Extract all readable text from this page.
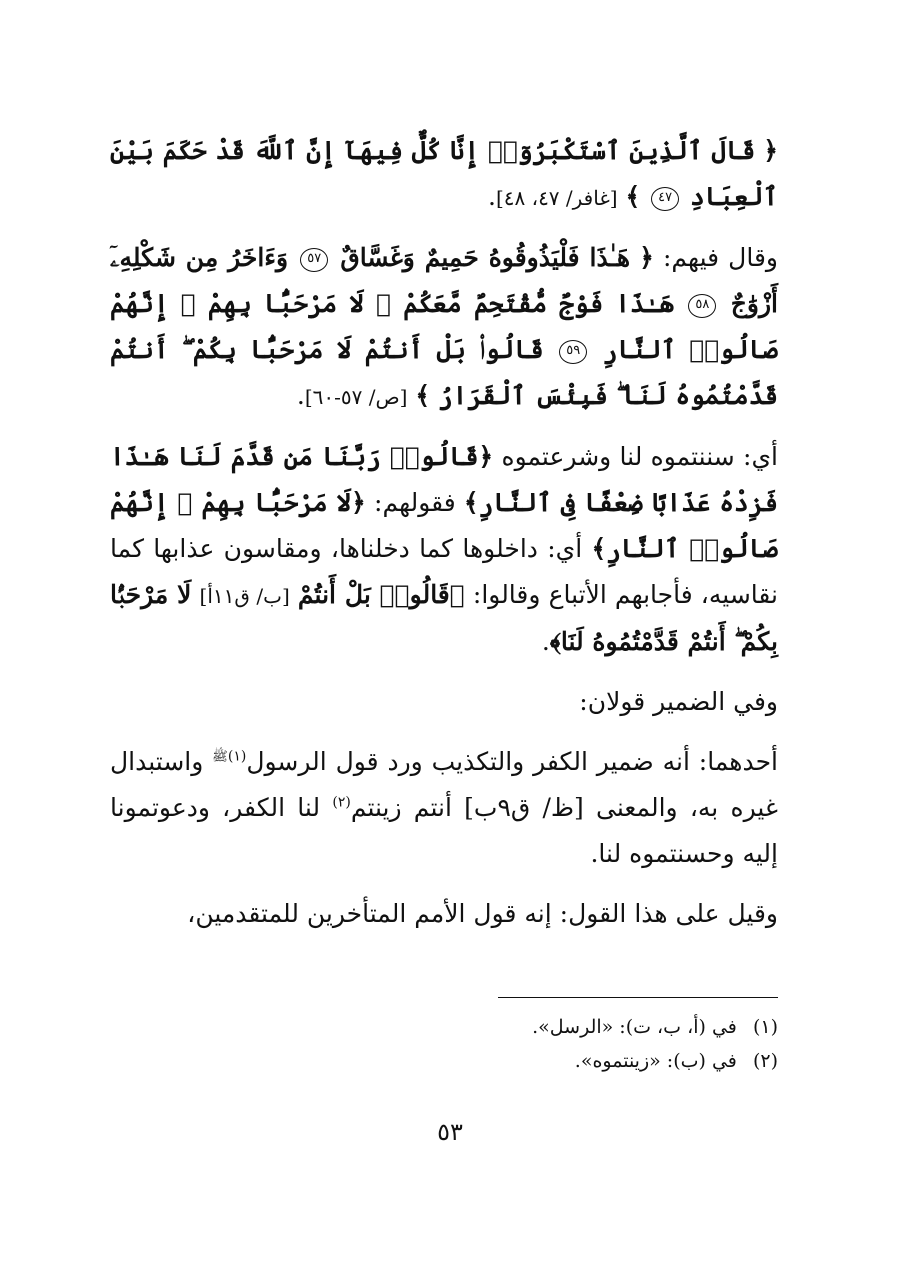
﴿ قَالَ ٱلَّذِينَ ٱسْتَكْبَرُوٓا۟ إِنَّا كُلٌّ فِيهَآ إِنَّ ٱللَّهَ قَدْ حَكَمَ بَيْنَ ٱلْعِبَادِ ٤٧ ﴾ [غافر/ ٤٧، ٤٨].

وقال فيهم: ﴿ هَـٰذَا فَلْيَذُوقُوهُ حَمِيمٌ وَغَسَّاقٌ ٥٧ وَءَاخَرُ مِن شَكْلِهِۦٓ أَزْوَٰجٌ ٥٨ هَـٰذَا فَوْجٌ مُّقْتَحِمٌ مَّعَكُمْ ۖ لَا مَرْحَبًۢا بِهِمْ ۚ إِنَّهُمْ صَالُوا۟ ٱلنَّارِ ٥٩ قَالُوا۟ بَلْ أَنتُمْ لَا مَرْحَبًۢا بِكُمْ ۖ أَنتُمْ قَدَّمْتُمُوهُ لَنَا ۖ فَبِئْسَ ٱلْقَرَارُ ﴾ [ص/ ٥٧-٦٠].

أي: سننتموه لنا وشرعتموه ﴿قَالُوا۟ رَبَّنَا مَن قَدَّمَ لَنَا هَـٰذَا فَزِدْهُ عَذَابًا ضِعْفًا فِى ٱلنَّارِ﴾ فقولهم: ﴿لَا مَرْحَبًۢا بِهِمْ ۚ إِنَّهُمْ صَالُوا۟ ٱلنَّارِ﴾ أي: داخلوها كما دخلناها، ومقاسون عذابها كما نقاسيه، فأجابهم الأتباع وقالوا: ﴿قَالُوا۟ بَلْ أَنتُمْ [ب/ ق١١أ] لَا مَرْحَبًۢا بِكُمْ ۖ أَنتُمْ قَدَّمْتُمُوهُ لَنَا﴾.

وفي الضمير قولان:

أحدهما: أنه ضمير الكفر والتكذيب ورد قول الرسول$^{(١)ﷺ}$ واستبدال غيره به، والمعنى [ظ/ ق٩ب] أنتم زينتم$^{(٢)}$ لنا الكفر، ودعوتمونا إليه وحسنتموه لنا.

وقيل على هذا القول: إنه قول الأمم المتأخرين للمتقدمين،

(١) في (أ، ب، ت): «الرسل».
(٢) في (ب): «زينتموه».
٥٣
